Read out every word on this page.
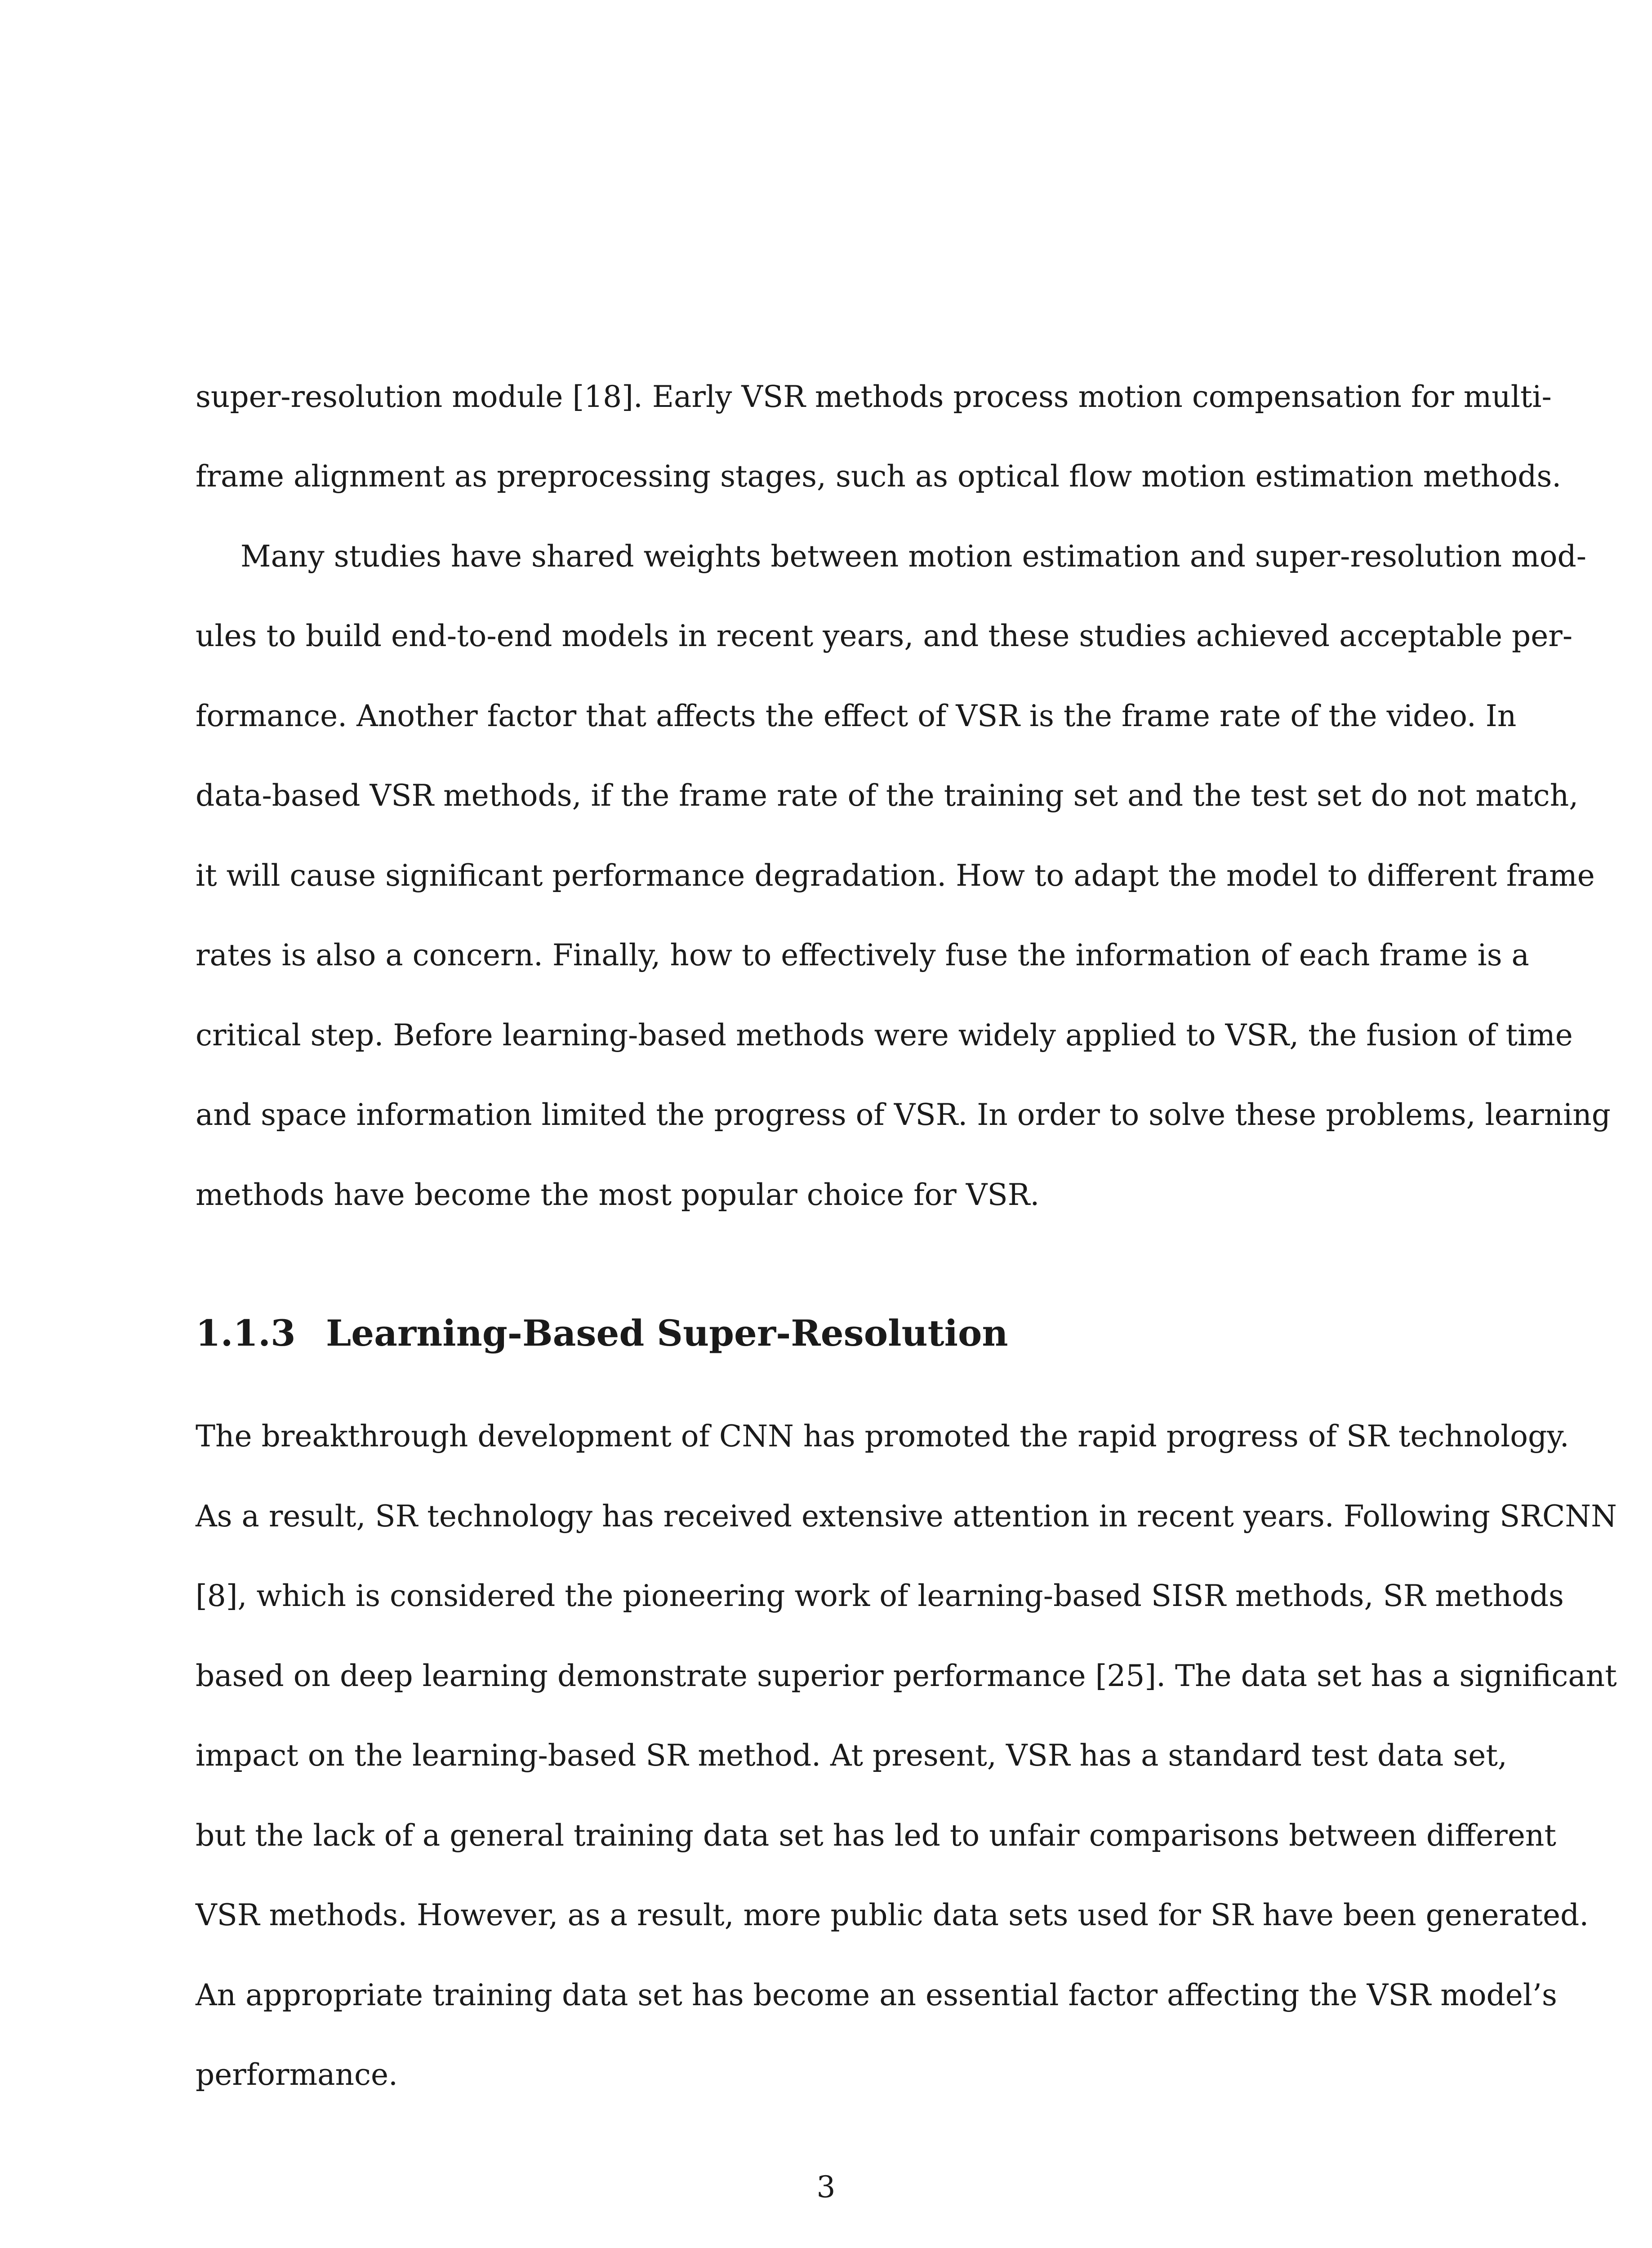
super-resolution module [18]. Early VSR methods process motion compensation for multi-
frame alignment as preprocessing stages, such as optical flow motion estimation methods.
Many studies have shared weights between motion estimation and super-resolution mod-
ules to build end-to-end models in recent years, and these studies achieved acceptable per-
formance. Another factor that affects the effect of VSR is the frame rate of the video. In
data-based VSR methods, if the frame rate of the training set and the test set do not match,
it will cause significant performance degradation. How to adapt the model to different frame
rates is also a concern. Finally, how to effectively fuse the information of each frame is a
critical step. Before learning-based methods were widely applied to VSR, the fusion of time
and space information limited the progress of VSR. In order to solve these problems, learning
methods have become the most popular choice for VSR.
1.1.3 Learning-Based Super-Resolution
The breakthrough development of CNN has promoted the rapid progress of SR technology.
As a result, SR technology has received extensive attention in recent years. Following SRCNN
[8], which is considered the pioneering work of learning-based SISR methods, SR methods
based on deep learning demonstrate superior performance [25]. The data set has a significant
impact on the learning-based SR method. At present, VSR has a standard test data set,
but the lack of a general training data set has led to unfair comparisons between different
VSR methods. However, as a result, more public data sets used for SR have been generated.
An appropriate training data set has become an essential factor affecting the VSR model’s
performance.
3
